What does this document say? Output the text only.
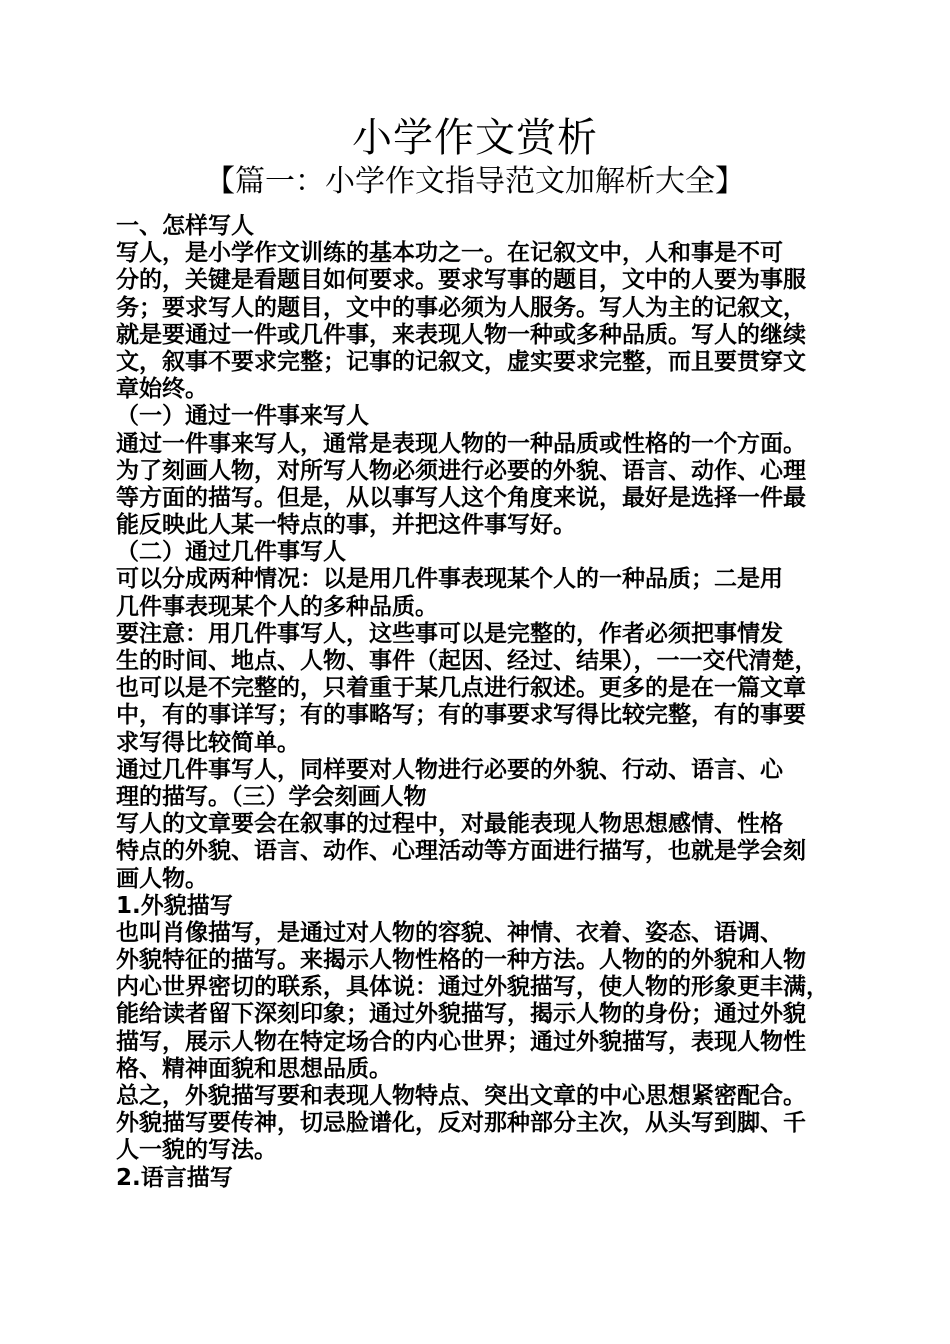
小学作文赏析
【篇一：小学作文指导范文加解析大全】
一、怎样写人
写人，是小学作文训练的基本功之一。在记叙文中，人和事是不可
分的，关键是看题目如何要求。要求写事的题目，文中的人要为事服
务；要求写人的题目，文中的事必须为人服务。写人为主的记叙文，
就是要通过一件或几件事，来表现人物一种或多种品质。写人的继续
文，叙事不要求完整；记事的记叙文，虚实要求完整，而且要贯穿文
章始终。
（一）通过一件事来写人
通过一件事来写人，通常是表现人物的一种品质或性格的一个方面。
为了刻画人物，对所写人物必须进行必要的外貌、语言、动作、心理
等方面的描写。但是，从以事写人这个角度来说，最好是选择一件最
能反映此人某一特点的事，并把这件事写好。
（二）通过几件事写人
可以分成两种情况：以是用几件事表现某个人的一种品质；二是用
几件事表现某个人的多种品质。
要注意：用几件事写人，这些事可以是完整的，作者必须把事情发
生的时间、地点、人物、事件（起因、经过、结果），一一交代清楚，
也可以是不完整的，只着重于某几点进行叙述。更多的是在一篇文章
中，有的事详写；有的事略写；有的事要求写得比较完整，有的事要
求写得比较简单。
通过几件事写人，同样要对人物进行必要的外貌、行动、语言、心
理的描写。（三）学会刻画人物
写人的文章要会在叙事的过程中，对最能表现人物思想感情、性格
特点的外貌、语言、动作、心理活动等方面进行描写，也就是学会刻
画人物。
1.外貌描写
也叫肖像描写，是通过对人物的容貌、神情、衣着、姿态、语调、
外貌特征的描写。来揭示人物性格的一种方法。人物的的外貌和人物
内心世界密切的联系，具体说：通过外貌描写，使人物的形象更丰满，
能给读者留下深刻印象；通过外貌描写，揭示人物的身份；通过外貌
描写，展示人物在特定场合的内心世界；通过外貌描写，表现人物性
格、精神面貌和思想品质。
总之，外貌描写要和表现人物特点、突出文章的中心思想紧密配合。
外貌描写要传神，切忌脸谱化，反对那种部分主次，从头写到脚、千
人一貌的写法。
2.语言描写
